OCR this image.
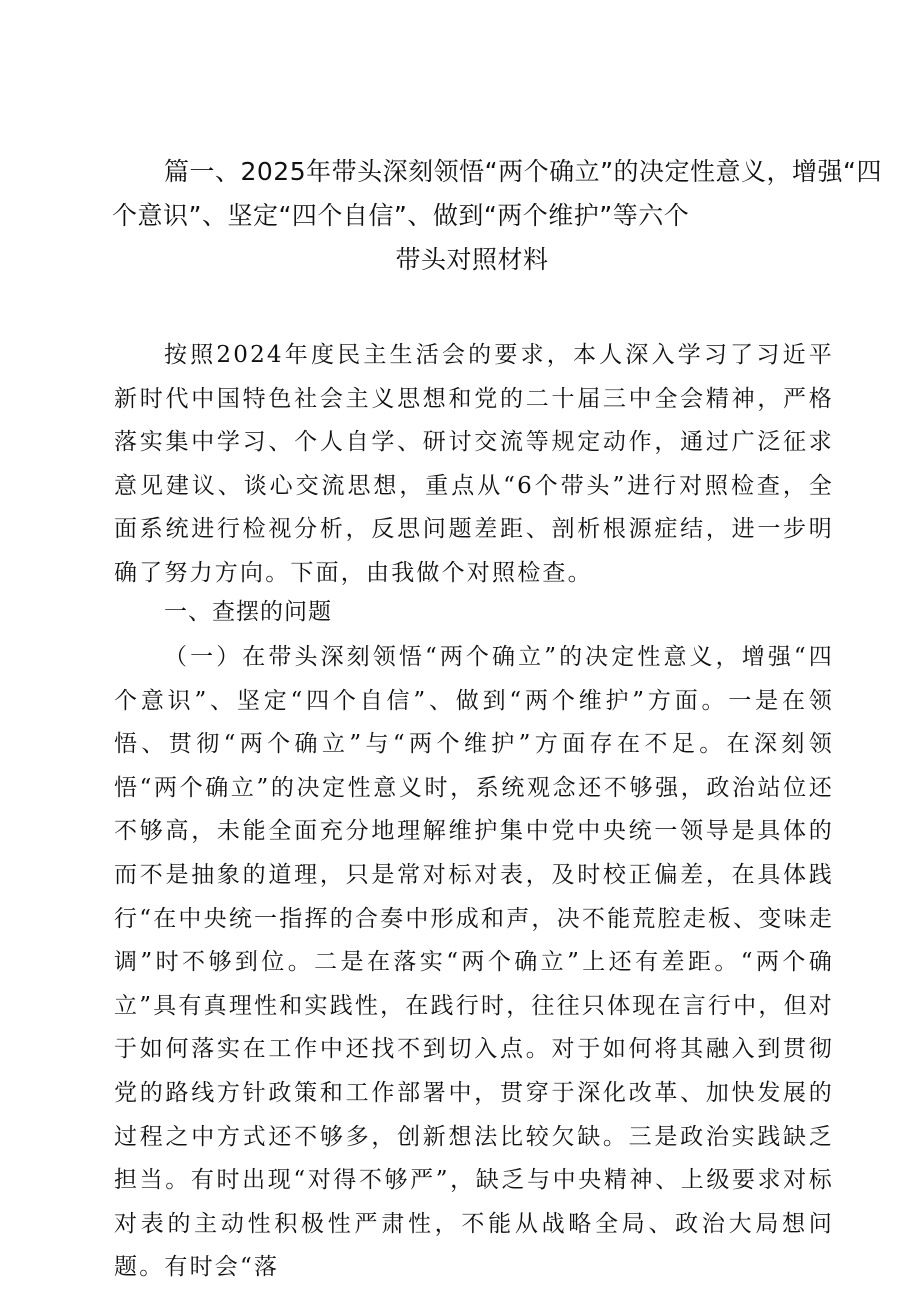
篇一、2025年带头深刻领悟“两个确立”的决定性意义，增强“四
个意识”、坚定“四个自信”、做到“两个维护”等六个
带头对照材料
按照2024年度民主生活会的要求，本人深入学习了习近平新时代中国特色社会主义思想和党的二十届三中全会精神，严格落实集中学习、个人自学、研讨交流等规定动作，通过广泛征求意见建议、谈心交流思想，重点从“6个带头”进行对照检查，全面系统进行检视分析，反思问题差距、剖析根源症结，进一步明确了努力方向。下面，由我做个对照检查。
一、查摆的问题
（一）在带头深刻领悟“两个确立”的决定性意义，增强“四个意识”、坚定“四个自信”、做到“两个维护”方面。一是在领悟、贯彻“两个确立”与“两个维护”方面存在不足。在深刻领悟“两个确立”的决定性意义时，系统观念还不够强，政治站位还不够高，未能全面充分地理解维护集中党中央统一领导是具体的而不是抽象的道理，只是常对标对表，及时校正偏差，在具体践行“在中央统一指挥的合奏中形成和声，决不能荒腔走板、变味走调”时不够到位。二是在落实“两个确立”上还有差距。“两个确立”具有真理性和实践性，在践行时，往往只体现在言行中，但对于如何落实在工作中还找不到切入点。对于如何将其融入到贯彻党的路线方针政策和工作部署中，贯穿于深化改革、加快发展的过程之中方式还不够多，创新想法比较欠缺。三是政治实践缺乏担当。有时出现“对得不够严”，缺乏与中央精神、上级要求对标对表的主动性积极性严肃性，不能从战略全局、政治大局想问题。有时会“落
